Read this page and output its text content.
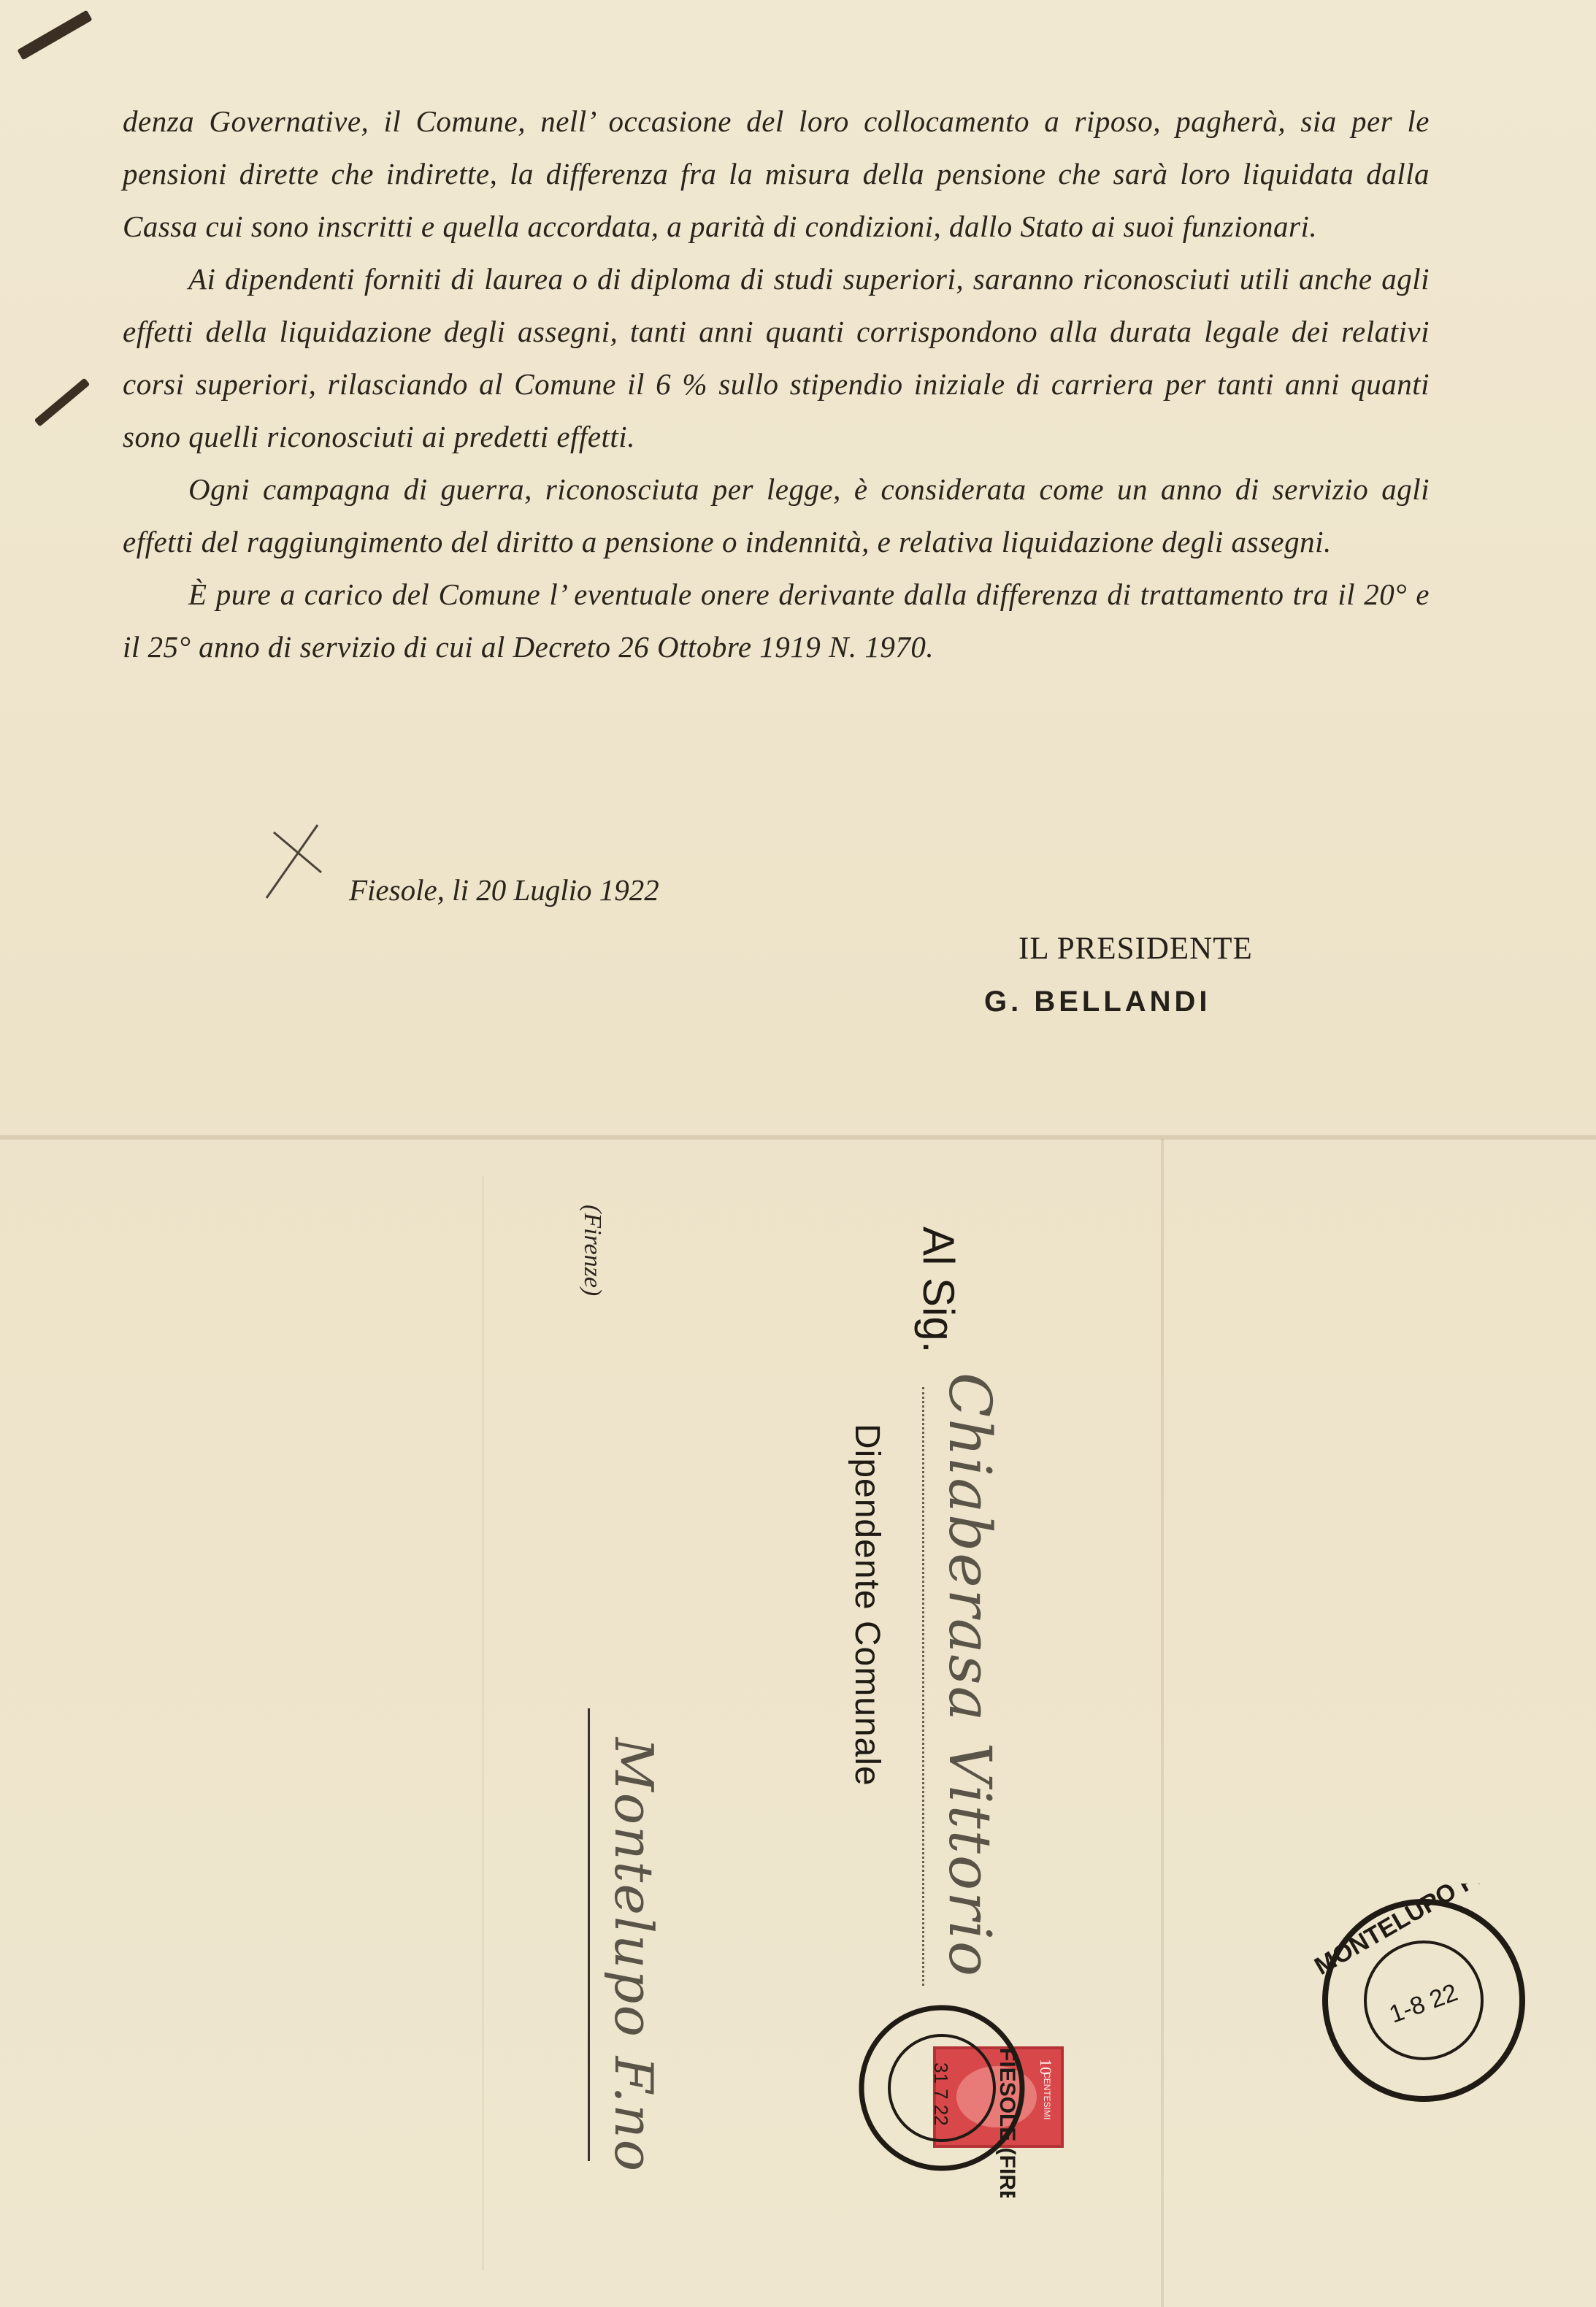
denza Governative, il Comune, nell’ occasione del loro collocamento a riposo, pagherà, sia per le pensioni dirette che indirette, la differenza fra la misura della pensione che sarà loro liquidata dalla Cassa cui sono inscritti e quella accordata, a parità di condizioni, dallo Stato ai suoi funzionari.

Ai dipendenti forniti di laurea o di diploma di studi superiori, saranno riconosciuti utili anche agli effetti della liquidazione degli assegni, tanti anni quanti corrispondono alla durata legale dei relativi corsi superiori, rilasciando al Comune il 6 % sullo stipendio iniziale di carriera per tanti anni quanti sono quelli riconosciuti ai predetti effetti.

Ogni campagna di guerra, riconosciuta per legge, è considerata come un anno di servizio agli effetti del raggiungimento del diritto a pensione o indennità, e relativa liquidazione degli assegni.

È pure a carico del Comune l’ eventuale onere derivante dalla differenza di trattamento tra il 20° e il 25° anno di servizio di cui al Decreto 26 Ottobre 1919 N. 1970.

Fiesole, li 20 Luglio 1922
IL PRESIDENTE
G. BELLANDI
(Firenze)	Al Sig.
Chiaberasa Vittorio
Dipendente Comunale
Montelupo F.no	10
CENTESIMI
FIESOLE (FIRENZE)
31 7 22
MONTELUPO FIOR
1-8 22
